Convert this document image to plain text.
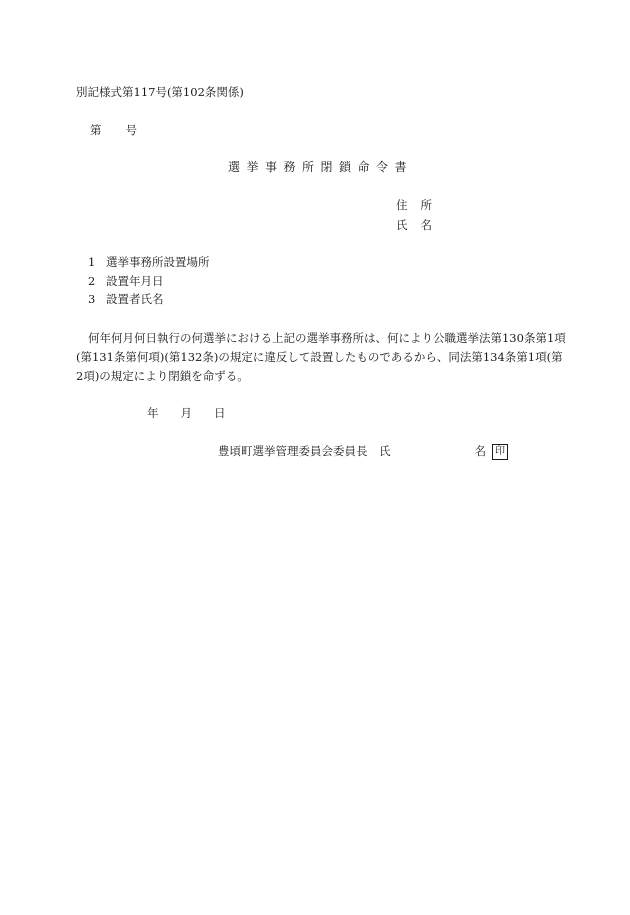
別記様式第117号(第102条関係)
第 号
選挙事務所閉鎖命令書
住 所
氏 名
1 選挙事務所設置場所
2 設置年月日
3 設置者氏名
何年何月何日執行の何選挙における上記の選挙事務所は、何により公職選挙法第130条第1項(第131条第何項)(第132条)の規定に違反して設置したものであるから、同法第134条第1項(第2項)の規定により閉鎖を命ずる。
年 月 日
豊頃町選挙管理委員会委員長　氏	名 印
